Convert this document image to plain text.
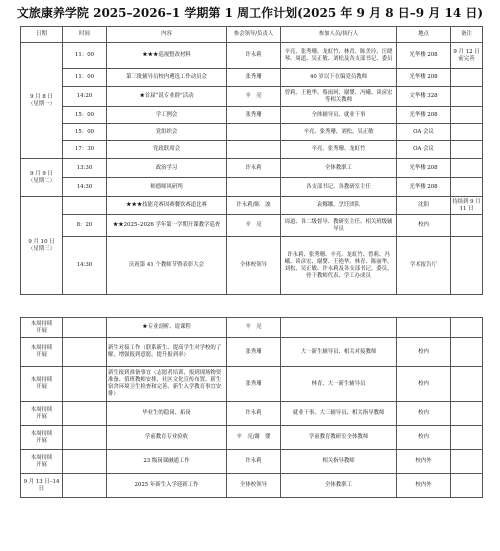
文旅康养学院 2025–2026–1 学期第 1 周工作计划(2025 年 9 月 8 日–9 月 14 日)
日期	时间	内容	参会领导/负责人	参加人员/执行人	地点	备注
9 月 8 日
（星期一）	11：00	★★★巡视整改材料	许永莉	辛亮、张秀珊、龙虹竹、林青、陈美玲、汪晓琴、周道、吴正敏、刘松及各支部书记、委员	光华楼 208	9 月 12 日前完善
	11：00	第三批辅导员校内遴选工作动员会	张秀珊	40 岁以下在编党员教师	光华楼 208	
	14:20	★首届“说专业群”活动	辛　亮	曾莉、王艳华、蔡雨珂、谢婴、冯峨、谈彦宏等相关教师	文华楼 328	
	15：00	学工例会	张秀珊	全体辅导员、就业干事	光华楼 208	
	15：00	党组织会		辛亮、张秀珊、刘松、吴正敏	OA 会议	
	17：30	党政联席会		辛亮、张秀珊、龙虹竹	OA 会议	
9 月 9 日
（星期二）	13:30	政治学习	许永莉	全体教职工	光华楼 208	
	14:30	师德师风研判		各支部书记、各教研室主任	光华楼 208	
9 月 10 日
（星期三）		★★★技能竞赛国赛餐饮赛道比赛	许永莉/陈　波	袁娜娜、烹饪团队	沈阳	持续到 9 月 11 日
	8：20	★★2025–2026 学年第一学期开课教学巡查	辛　亮	周道、各二级督导、教研室主任、相关班级辅导员	校内	
	14:30	庆祝第 41 个教师节暨表彰大会	全体校领导	许永莉、张秀珊、辛亮、龙虹竹、曾莉、冯峨、谈彦宏、谢婴、王艳华、林青、陈丽华、刘松、吴正敏、许永莉及各支部书记、委员、骨干教师代表、学工办成员	学术报告厅	

本周持续
开展		★专业剖析、说课程	辛　亮			
本周持续
开展		新生对接工作（联系新生、提高学生对学校的了解，增强报到意愿，提升报到率）	张秀珊	大一新生辅导员、相关对接教师	校内	
本周持续
开展		新生报到准备事宜（志愿者培训，报到现场物资准备、值班教师安排、社区文化宣传布置、新生宿舍环境卫生检查和完善、新生入学教育事宜安排）	张秀珊	林青、大一新生辅导员	校内	
本周持续
开展		毕业生的稳岗、拓岗	许永莉	就业干事、大三辅导员、相关指导教师	校内	
本周持续
开展		学前教育专业验收	辛　亮/谢　婴	学前教育教研室全体教师	校内	
本周持续
开展		23 级岗课融通工作	许永莉	相关指导教师	校内外	
9 月 13 日–14
日		2025 年新生入学迎新工作	全体校领导	全体教职工	校内外	
